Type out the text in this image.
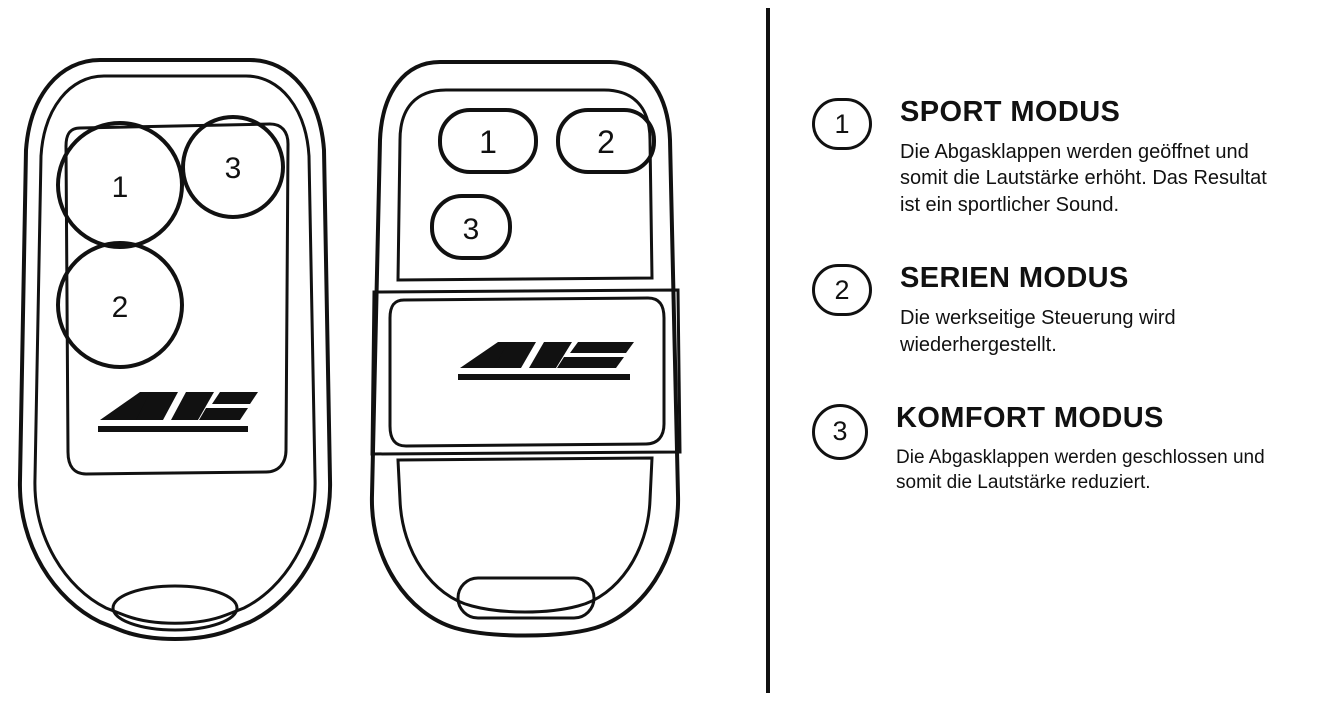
1
3
2
1	2
3
1	SPORT MODUS

Die Abgasklappen werden geöffnet und somit die Lautstärke erhöht. Das Resultat ist ein sportlicher Sound.

2	SERIEN MODUS

Die werkseitige Steuerung wird wiederhergestellt.

3	KOMFORT MODUS

Die Abgasklappen werden geschlossen und somit die Lautstärke reduziert.
